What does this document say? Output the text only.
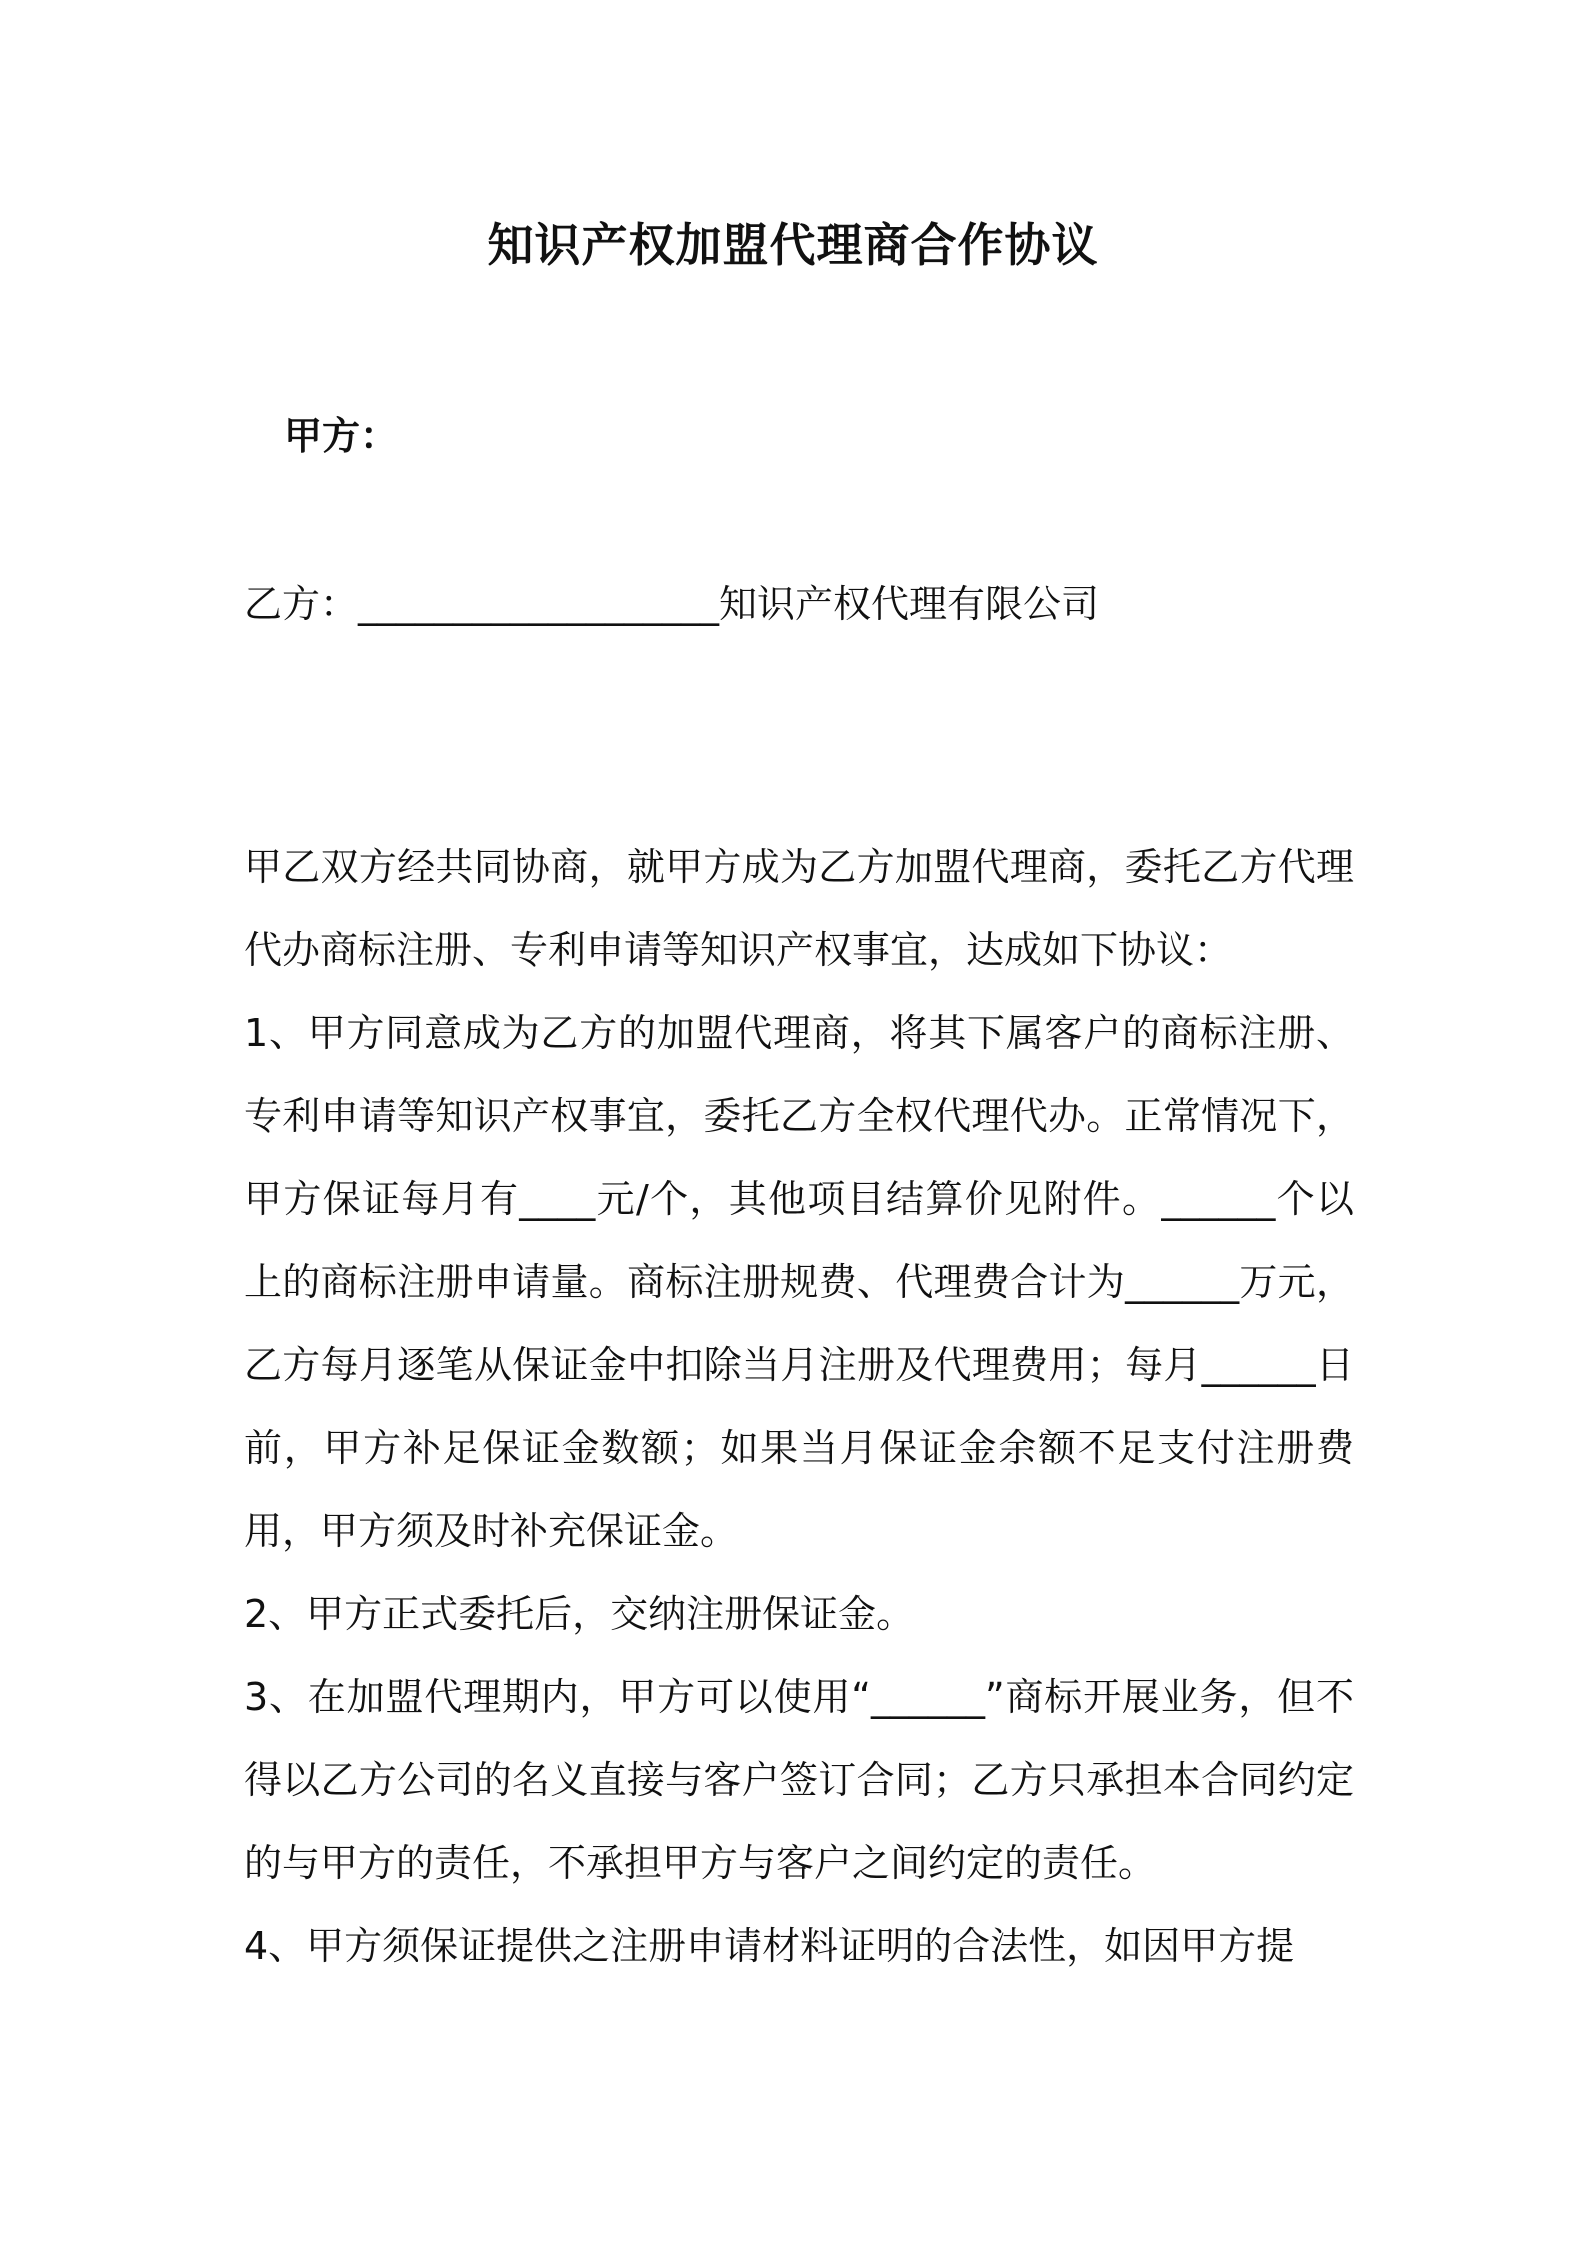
知识产权加盟代理商合作协议

甲方：

乙方：___________________知识产权代理有限公司

甲乙双方经共同协商，就甲方成为乙方加盟代理商，委托乙方代理代办商标注册、专利申请等知识产权事宜，达成如下协议：

1、甲方同意成为乙方的加盟代理商，将其下属客户的商标注册、专利申请等知识产权事宜，委托乙方全权代理代办。正常情况下，甲方保证每月有____元/个，其他项目结算价见附件。______个以上的商标注册申请量。商标注册规费、代理费合计为______万元，乙方每月逐笔从保证金中扣除当月注册及代理费用；每月______日前，甲方补足保证金数额；如果当月保证金余额不足支付注册费用，甲方须及时补充保证金。

2、甲方正式委托后，交纳注册保证金。

3、在加盟代理期内，甲方可以使用“______”商标开展业务，但不得以乙方公司的名义直接与客户签订合同；乙方只承担本合同约定的与甲方的责任，不承担甲方与客户之间约定的责任。

4、甲方须保证提供之注册申请材料证明的合法性，如因甲方提
